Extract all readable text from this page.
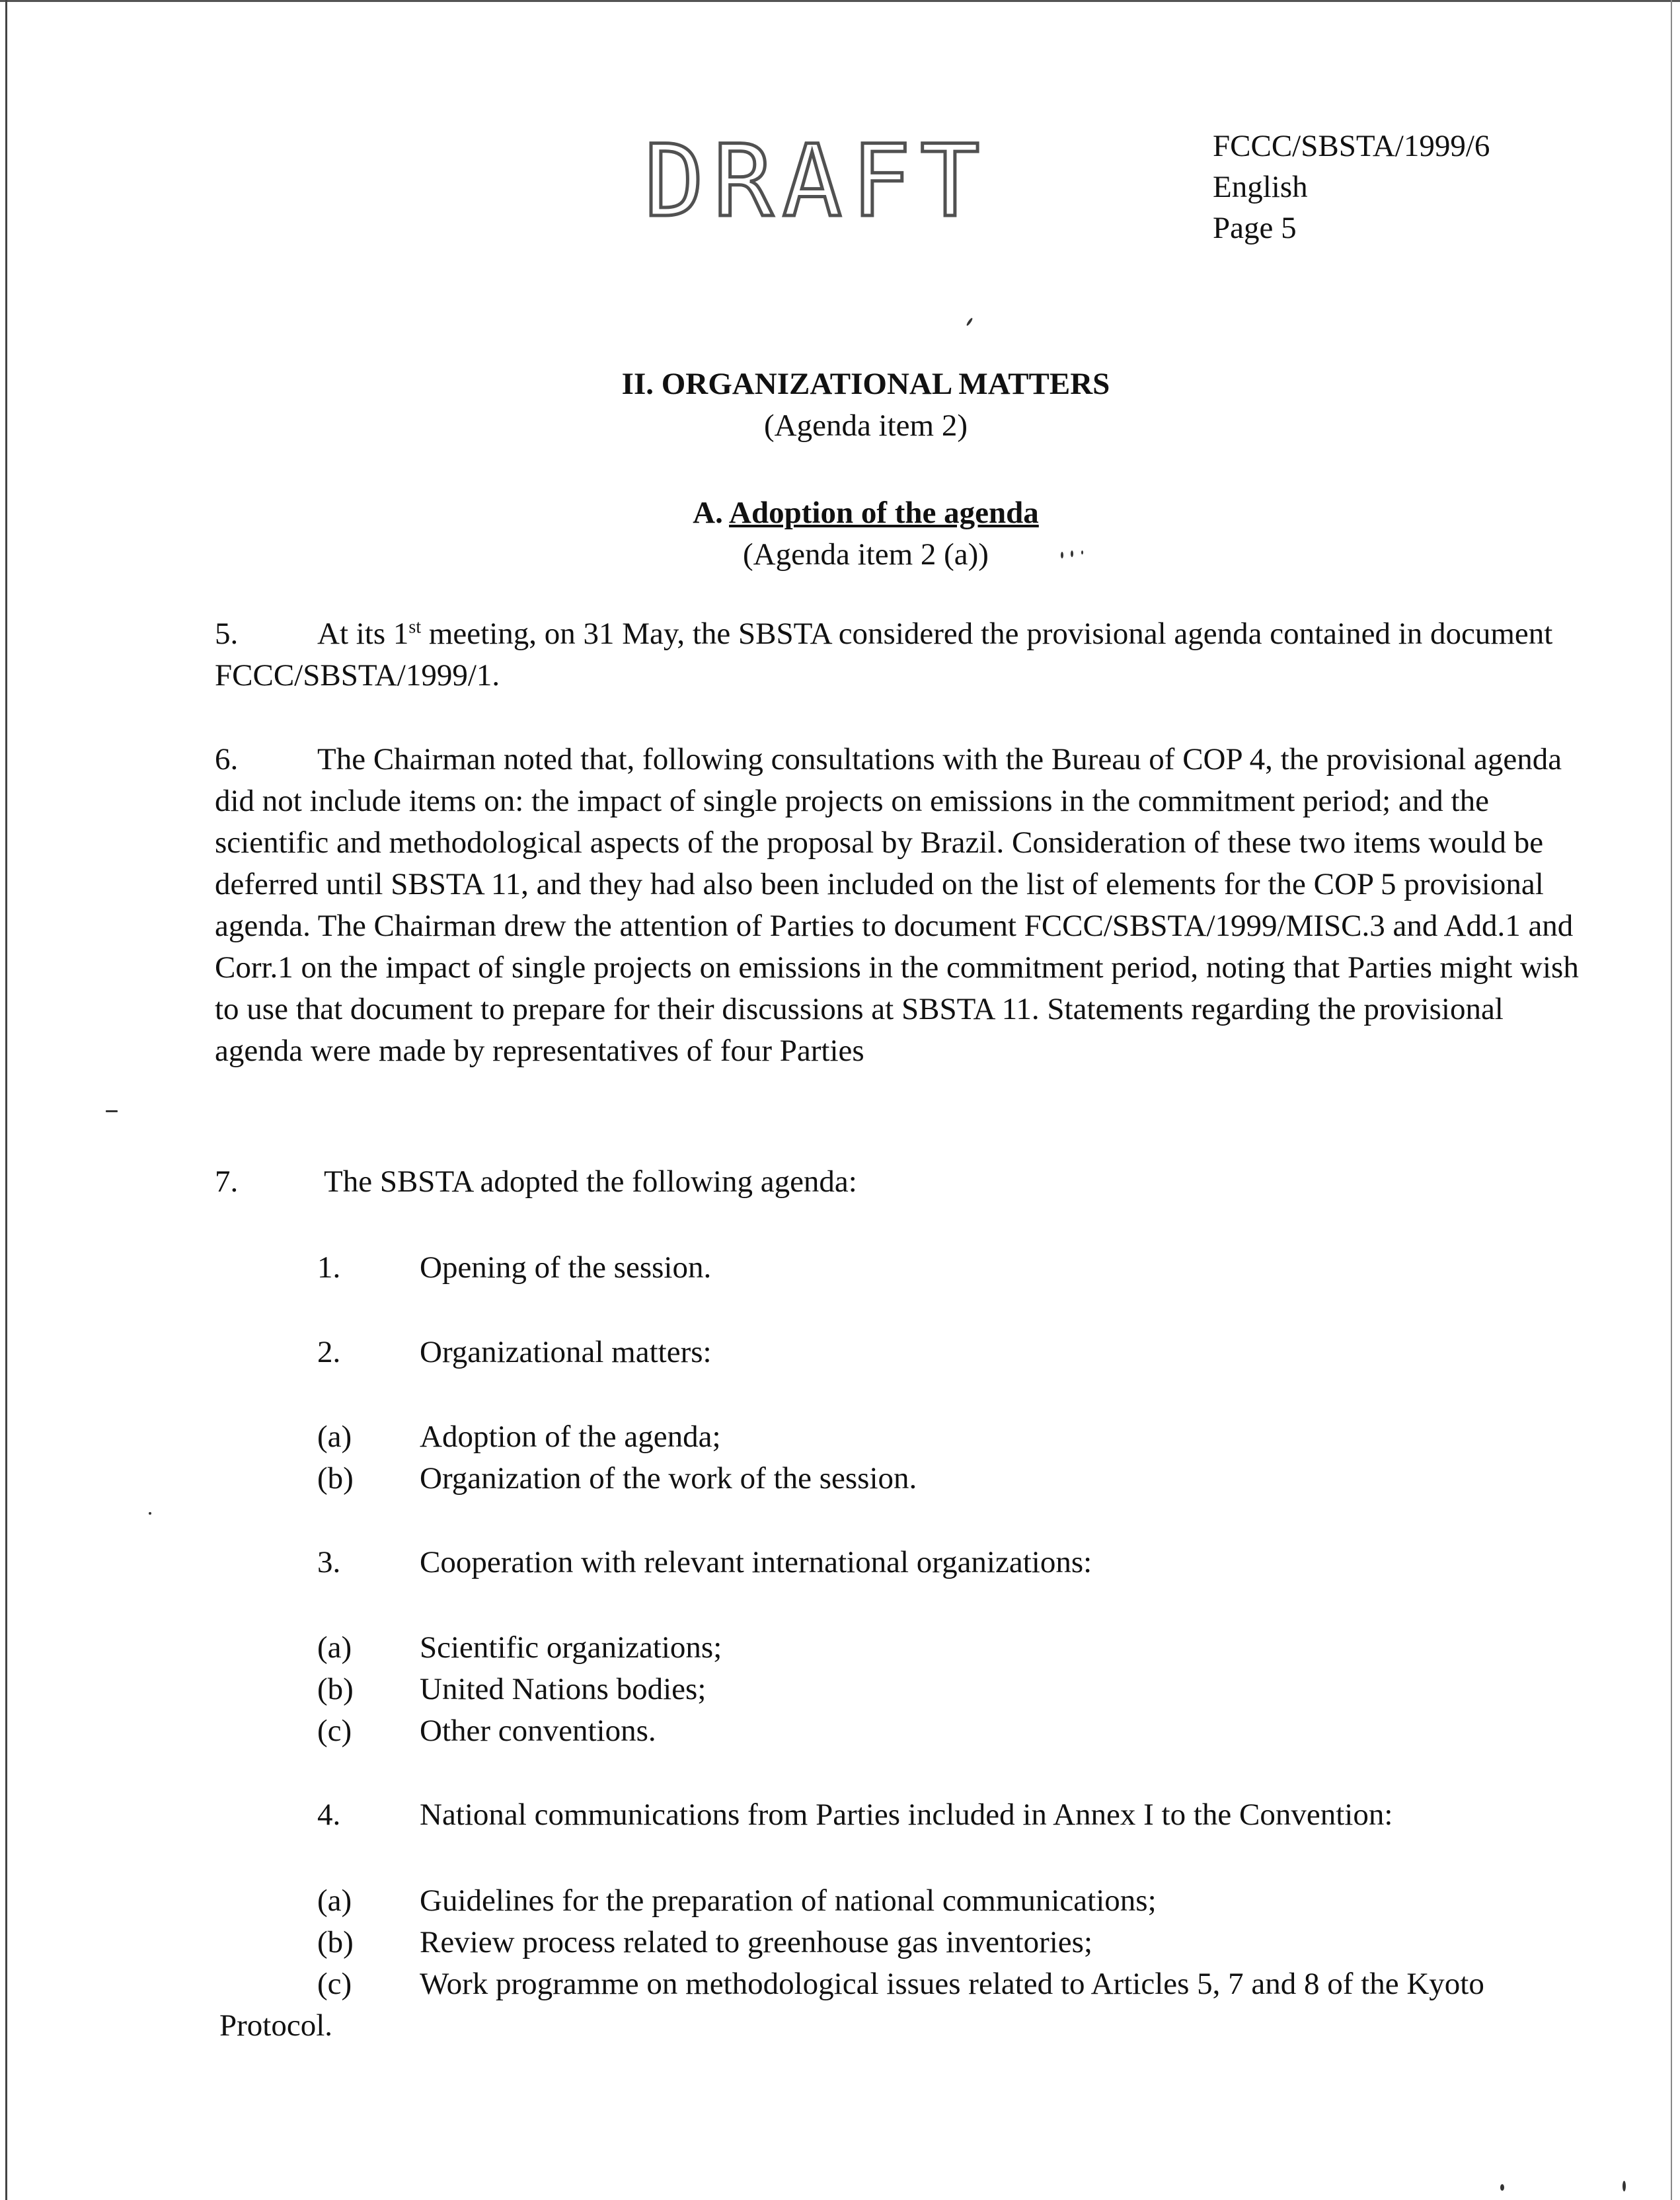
DRAFT	FCCC/SBSTA/1999/6
English
Page 5
II. ORGANIZATIONAL MATTERS
(Agenda item 2)
A. Adoption of the agenda
(Agenda item 2 (a))
5.	At its 1st meeting, on 31 May, the SBSTA considered the provisional agenda contained in document FCCC/SBSTA/1999/1.
6.	The Chairman noted that, following consultations with the Bureau of COP 4, the provisional agenda did not include items on: the impact of single projects on emissions in the commitment period; and the scientific and methodological aspects of the proposal by Brazil. Consideration of these two items would be deferred until SBSTA 11, and they had also been included on the list of elements for the COP 5 provisional agenda. The Chairman drew the attention of Parties to document FCCC/SBSTA/1999/MISC.3 and Add.1 and Corr.1 on the impact of single projects on emissions in the commitment period, noting that Parties might wish to use that document to prepare for their discussions at SBSTA 11. Statements regarding the provisional agenda were made by representatives of four Parties
7.	The SBSTA adopted the following agenda:
1.	Opening of the session.
2.	Organizational matters:
(a) Adoption of the agenda;
(b) Organization of the work of the session.
3.	Cooperation with relevant international organizations:
(a) Scientific organizations;
(b) United Nations bodies;
(c) Other conventions.
4.	National communications from Parties included in Annex I to the Convention:
(a) Guidelines for the preparation of national communications;
(b) Review process related to greenhouse gas inventories;
(c) Work programme on methodological issues related to Articles 5, 7 and 8 of the Kyoto
Protocol.
